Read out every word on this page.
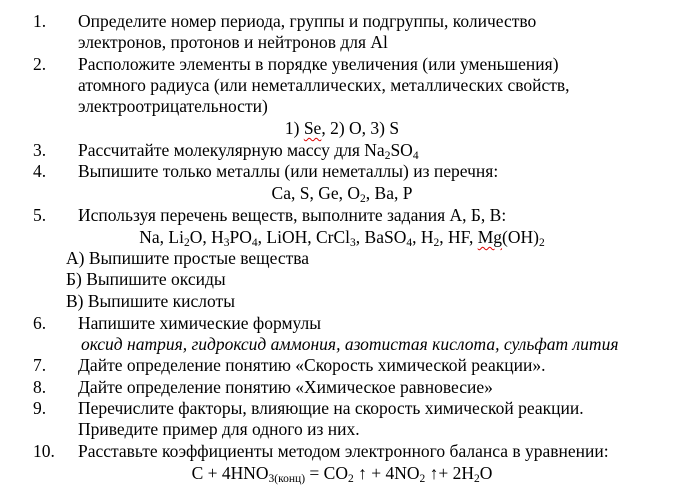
1. Определите номер периода, группы и подгруппы, количество
электронов, протонов и нейтронов для Al
2. Расположите элементы в порядке увеличения (или уменьшения)
атомного радиуса (или неметаллических, металлических свойств,
электроотрицательности)
1) Se, 2) O, 3) S
3. Рассчитайте молекулярную массу для $Na_2SO_4$
4. Выпишите только металлы (или неметаллы) из перечня:
Ca, S, Ge, $O_2$, Ba, P
5. Используя перечень веществ, выполните задания А, Б, В:
Na, $Li_2O$, $H_3PO_4$, LiOH, CrCl$_3$, BaSO$_4$, $H_2$, HF, $Mg(OH)_2$
А) Выпишите простые вещества
Б) Выпишите оксиды
В) Выпишите кислоты
6. Напишите химические формулы
оксид натрия, гидроксид аммония, азотистая кислота, сульфат лития
7. Дайте определение понятию «Скорость химической реакции».
8. Дайте определение понятию «Химическое равновесие»
9. Перечислите факторы, влияющие на скорость химической реакции.
Приведите пример для одного из них.
10. Расставьте коэффициенты методом электронного баланса в уравнении:
$C + 4HNO_{3(конц)} = CO_2$ ↑ + $4NO_2$ ↑+ $2H_2O$
